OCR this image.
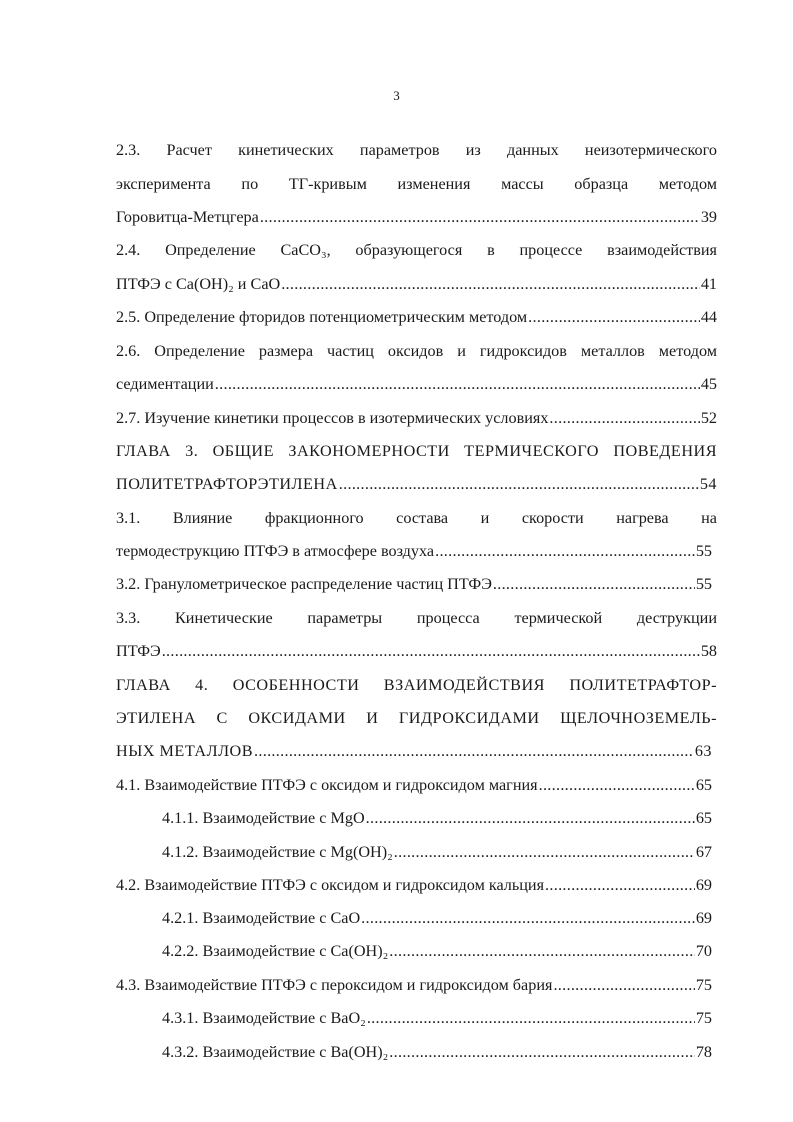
3
2.3. Расчет кинетических параметров из данных неизотермического
эксперимента по ТГ-кривым изменения массы образца методом
Горовитца-Метцгера .....	39
2.4. Определение CaCO₃, образующегося в процессе взаимодействия
ПТФЭ с Ca(OH)₂ и CaO .....	41
2.5. Определение фторидов потенциометрическим методом .....	44
2.6. Определение размера частиц оксидов и гидроксидов металлов методом
седиментации .....	45
2.7. Изучение кинетики процессов в изотермических условиях .....	52
ГЛАВА 3. ОБЩИЕ ЗАКОНОМЕРНОСТИ ТЕРМИЧЕСКОГО ПОВЕДЕНИЯ
ПОЛИТЕТРАФТОРЭТИЛЕНА .....	54
3.1. Влияние фракционного состава и скорости нагрева на
термодеструкцию ПТФЭ в атмосфере воздуха .....	55
3.2. Гранулометрическое распределение частиц ПТФЭ .....	55
3.3. Кинетические параметры процесса термической деструкции
ПТФЭ .....	58
ГЛАВА 4. ОСОБЕННОСТИ ВЗАИМОДЕЙСТВИЯ ПОЛИТЕТРАФТОР-
ЭТИЛЕНА С ОКСИДАМИ И ГИДРОКСИДАМИ ЩЕЛОЧНОЗЕМЕЛЬ-
НЫХ МЕТАЛЛОВ .....	63
4.1. Взаимодействие ПТФЭ с оксидом и гидроксидом магния .....	65
4.1.1. Взаимодействие с MgO .....	65
4.1.2. Взаимодействие с Mg(OH)₂ .....	67
4.2. Взаимодействие ПТФЭ с оксидом и гидроксидом кальция .....	69
4.2.1. Взаимодействие с CaO .....	69
4.2.2. Взаимодействие с Ca(OH)₂ .....	70
4.3. Взаимодействие ПТФЭ с пероксидом и гидроксидом бария .....	75
4.3.1. Взаимодействие с BaO₂ .....	75
4.3.2. Взаимодействие с Ba(OH)₂ .....	78
